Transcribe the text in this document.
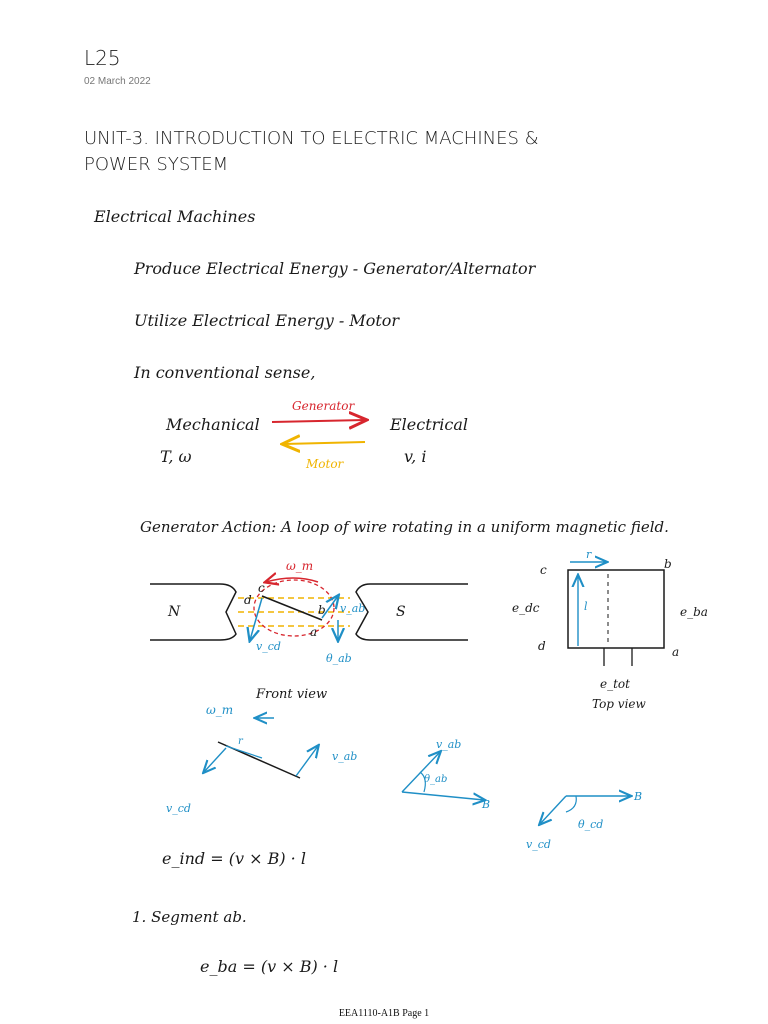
L25
02 March 2022
UNIT-3. INTRODUCTION TO ELECTRIC MACHINES &
POWER SYSTEM
Electrical Machines
Produce Electrical Energy - Generator/Alternator
Utilize Electrical Energy - Motor
In conventional sense,
Mechanical	Electrical
T, ω	v, i
Generator
Motor
Generator Action: A loop of wire rotating in a uniform magnetic field.
N	S
ω_m
c
d
b
a
v_ab
v_cd
θ_ab
Front view
r
l
c	b
d	a
e_dc	e_ba
e_tot
Top view
ω_m
r
v_ab
v_cd
v_ab
θ_ab
B
B
θ_cd
v_cd
e_ind = (v × B) · l
1. Segment ab.
e_ba = (v × B) · l
EEA1110-A1B Page 1
